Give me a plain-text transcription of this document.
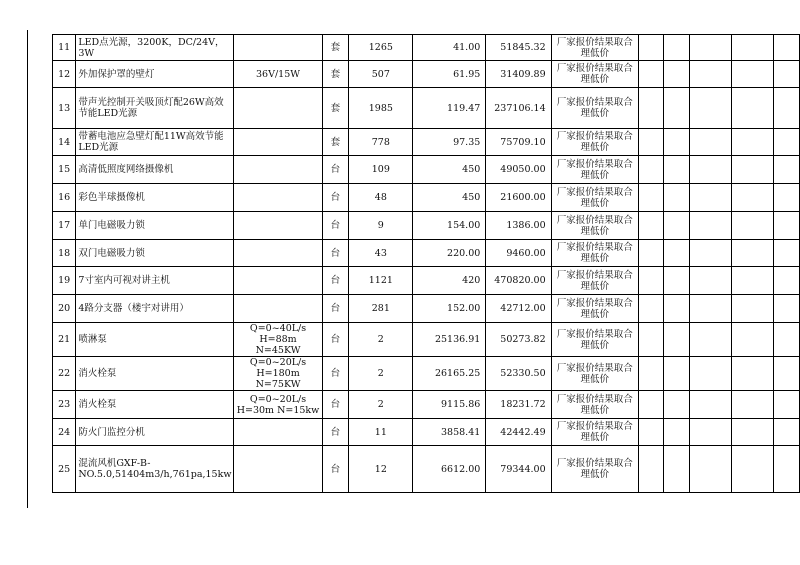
11	LED点光源，3200K，DC/24V，3W		套	1265	41.00	51845.32	厂家报价结果取合理低价					
12	外加保护罩的壁灯	36V/15W	套	507	61.95	31409.89	厂家报价结果取合理低价					
13	带声光控制开关吸顶灯配26W高效节能LED光源		套	1985	119.47	237106.14	厂家报价结果取合理低价					
14	带蓄电池应急壁灯配11W高效节能LED光源		套	778	97.35	75709.10	厂家报价结果取合理低价					
15	高清低照度网络摄像机		台	109	450	49050.00	厂家报价结果取合理低价					
16	彩色半球摄像机		台	48	450	21600.00	厂家报价结果取合理低价					
17	单门电磁吸力锁		台	9	154.00	1386.00	厂家报价结果取合理低价					
18	双门电磁吸力锁		台	43	220.00	9460.00	厂家报价结果取合理低价					
19	7寸室内可视对讲主机		台	1121	420	470820.00	厂家报价结果取合理低价					
20	4路分支器（楼宇对讲用）		台	281	152.00	42712.00	厂家报价结果取合理低价					
21	喷淋泵	Q=0~40L/s H=88m N=45KW	台	2	25136.91	50273.82	厂家报价结果取合理低价					
22	消火栓泵	Q=0~20L/s H=180m N=75KW	台	2	26165.25	52330.50	厂家报价结果取合理低价					
23	消火栓泵	Q=0~20L/s H=30m N=15kw	台	2	9115.86	18231.72	厂家报价结果取合理低价					
24	防火门监控分机		台	11	3858.41	42442.49	厂家报价结果取合理低价					
25	混流风机GXF-B-NO.5.0,51404m3/h,761pa,15kw		台	12	6612.00	79344.00	厂家报价结果取合理低价					
